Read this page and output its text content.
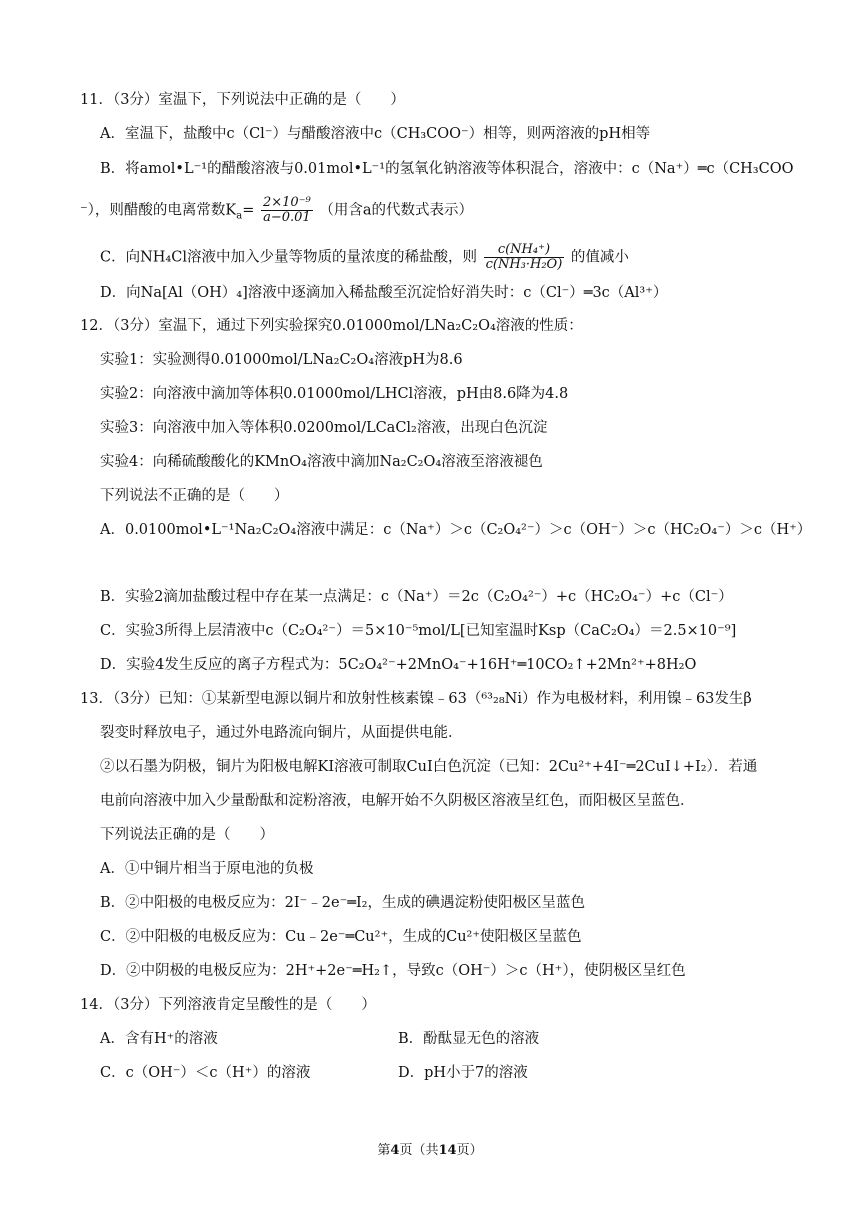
11．（3分）室温下，下列说法中正确的是（　　）
A．室温下，盐酸中c（Cl⁻）与醋酸溶液中c（CH₃COO⁻）相等，则两溶液的pH相等
B．将amol•L⁻¹的醋酸溶液与0.01mol•L⁻¹的氢氧化钠溶液等体积混合，溶液中：c（Na⁺）═c（CH₃COO
⁻），则醋酸的电离常数$K_a= \frac{\text{2×10⁻⁹}}{a-0.01}$ （用含a的代数式表示）
C．向NH₄Cl溶液中加入少量等物质的量浓度的稀盐酸，则 $\frac{\text{c(NH₄⁺)}}{\text{c(NH₃·H₂O)}}$ 的值减小
D．向Na[Al（OH）₄]溶液中逐滴加入稀盐酸至沉淀恰好消失时：c（Cl⁻）═3c（Al³⁺）
12．（3分）室温下，通过下列实验探究0.01000mol/LNa₂C₂O₄溶液的性质：
实验1：实验测得0.01000mol/LNa₂C₂O₄溶液pH为8.6
实验2：向溶液中滴加等体积0.01000mol/LHCl溶液，pH由8.6降为4.8
实验3：向溶液中加入等体积0.0200mol/LCaCl₂溶液，出现白色沉淀
实验4：向稀硫酸酸化的KMnO₄溶液中滴加Na₂C₂O₄溶液至溶液褪色
下列说法不正确的是（　　）
A．0.0100mol•L⁻¹Na₂C₂O₄溶液中满足：c（Na⁺）＞c（C₂O₄²⁻）＞c（OH⁻）＞c（HC₂O₄⁻）＞c（H⁺）
B．实验2滴加盐酸过程中存在某一点满足：c（Na⁺）＝2c（C₂O₄²⁻）+c（HC₂O₄⁻）+c（Cl⁻）
C．实验3所得上层清液中c（C₂O₄²⁻）＝5×10⁻⁵mol/L[已知室温时Ksp（CaC₂O₄）＝2.5×10⁻⁹]
D．实验4发生反应的离子方程式为：5C₂O₄²⁻+2MnO₄⁻+16H⁺═10CO₂↑+2Mn²⁺+8H₂O
13．（3分）已知：①某新型电源以铜片和放射性核素镍﹣63（⁶³₂₈Ni）作为电极材料，利用镍﹣63发生β
裂变时释放电子，通过外电路流向铜片，从面提供电能．
②以石墨为阴极，铜片为阳极电解KI溶液可制取CuI白色沉淀（已知：2Cu²⁺+4I⁻═2CuI↓+I₂）．若通
电前向溶液中加入少量酚酞和淀粉溶液，电解开始不久阴极区溶液呈红色，而阳极区呈蓝色．
下列说法正确的是（　　）
A．①中铜片相当于原电池的负极
B．②中阳极的电极反应为：2I⁻﹣2e⁻═I₂，生成的碘遇淀粉使阳极区呈蓝色
C．②中阳极的电极反应为：Cu﹣2e⁻═Cu²⁺，生成的Cu²⁺使阳极区呈蓝色
D．②中阴极的电极反应为：2H⁺+2e⁻═H₂↑，导致c（OH⁻）＞c（H⁺），使阴极区呈红色
14．（3分）下列溶液肯定呈酸性的是（　　）
A．含有H⁺的溶液	B．酚酞显无色的溶液
C．c（OH⁻）＜c（H⁺）的溶液	D．pH小于7的溶液
第4页（共14页）
